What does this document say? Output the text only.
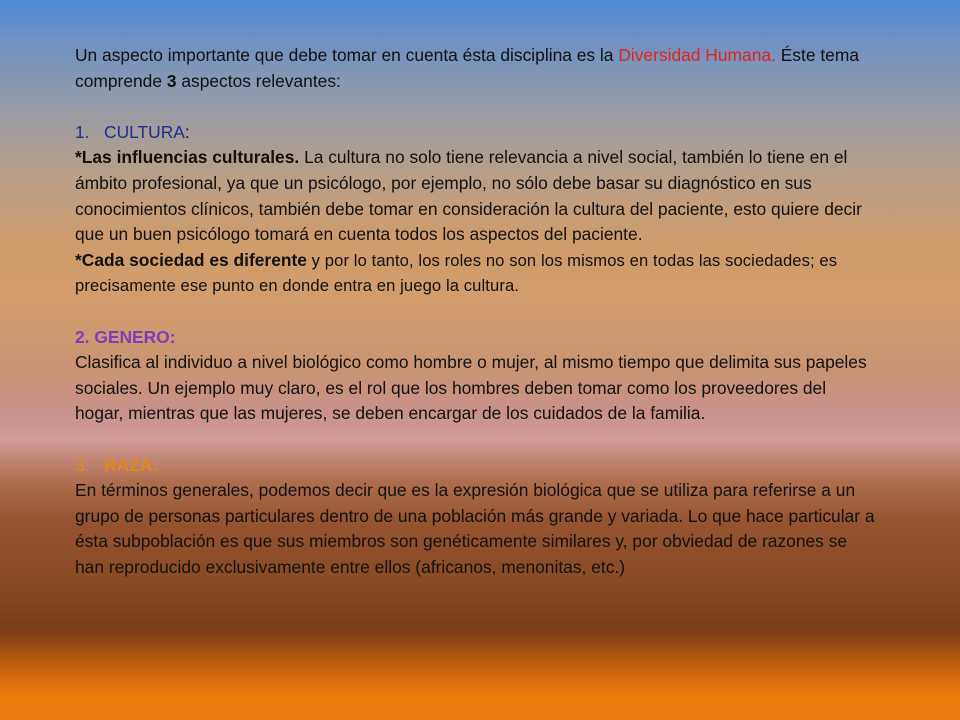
Un aspecto importante que debe tomar en cuenta ésta disciplina es la Diversidad Humana. Éste tema comprende 3 aspectos relevantes:

1. CULTURA:

*Las influencias culturales. La cultura no solo tiene relevancia a nivel social, también lo tiene en el ámbito profesional, ya que un psicólogo, por ejemplo, no sólo debe basar su diagnóstico en sus conocimientos clínicos, también debe tomar en consideración la cultura del paciente, esto quiere decir que un buen psicólogo tomará en cuenta todos los aspectos del paciente.

*Cada sociedad es diferente y por lo tanto, los roles no son los mismos en todas las sociedades; es precisamente ese punto en donde entra en juego la cultura.

2. GENERO:

Clasifica al individuo a nivel biológico como hombre o mujer, al mismo tiempo que delimita sus papeles sociales. Un ejemplo muy claro, es el rol que los hombres deben tomar como los proveedores del hogar, mientras que las mujeres, se deben encargar de los cuidados de la familia.

3. RAZA:

En términos generales, podemos decir que es la expresión biológica que se utiliza para referirse a un grupo de personas particulares dentro de una población más grande y variada. Lo que hace particular a ésta subpoblación es que sus miembros son genéticamente similares y, por obviedad de razones se han reproducido exclusivamente entre ellos (africanos, menonitas, etc.)
